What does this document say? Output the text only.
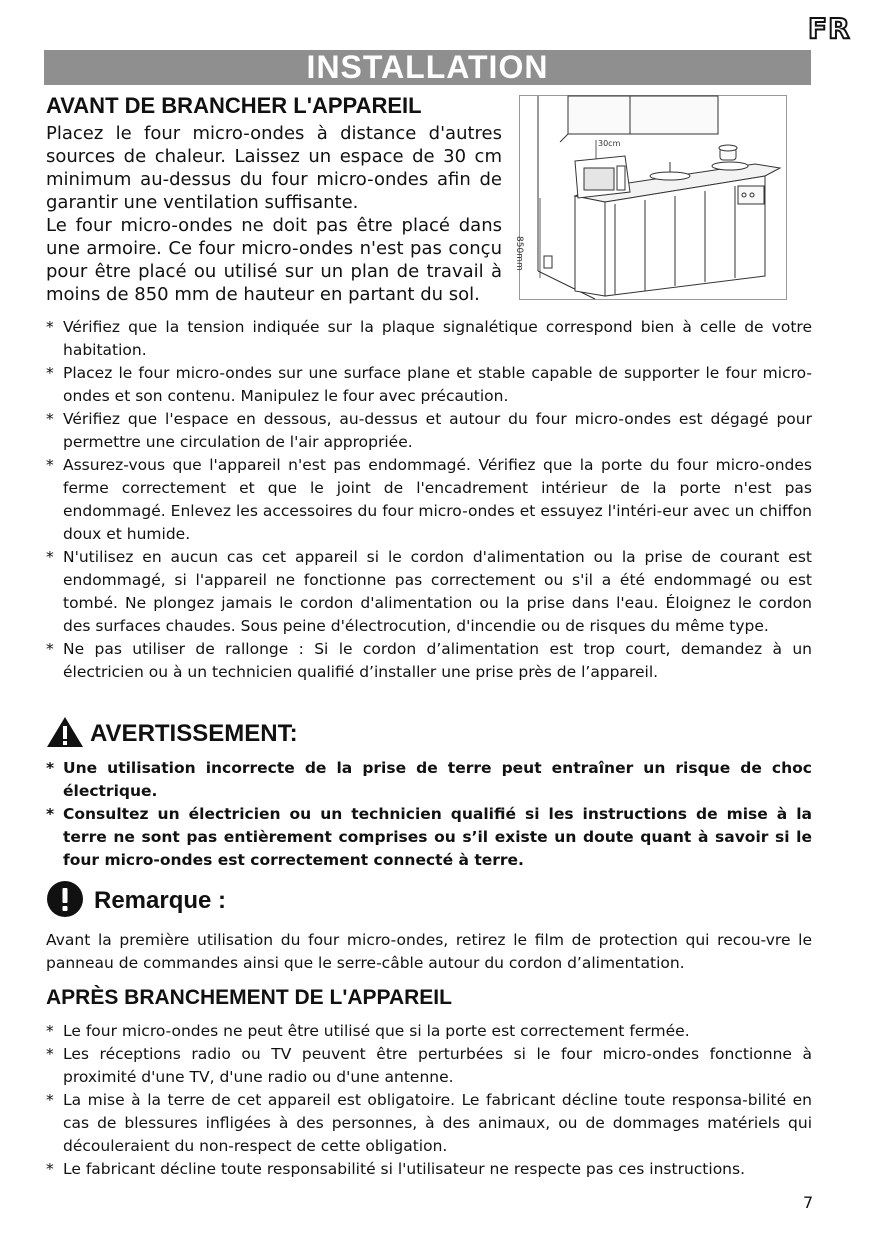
FR
INSTALLATION
AVANT DE BRANCHER L'APPAREIL

Placez le four micro-ondes à distance d'autres sources de chaleur. Laissez un espace de 30 cm minimum au-dessus du four micro-ondes afin de garantir une ventilation suffisante.

Le four micro-ondes ne doit pas être placé dans une armoire. Ce four micro-ondes n'est pas conçu pour être placé ou utilisé sur un plan de travail à moins de 850 mm de hauteur en partant du sol.

30cm
850mm
* Vérifiez que la tension indiquée sur la plaque signalétique correspond bien à celle de votre habitation.
* Placez le four micro-ondes sur une surface plane et stable capable de supporter le four micro-ondes et son contenu. Manipulez le four avec précaution.
* Vérifiez que l'espace en dessous, au-dessus et autour du four micro-ondes est dégagé pour permettre une circulation de l'air appropriée.
* Assurez-vous que l'appareil n'est pas endommagé. Vérifiez que la porte du four micro-ondes ferme correctement et que le joint de l'encadrement intérieur de la porte n'est pas endommagé. Enlevez les accessoires du four micro-ondes et essuyez l'intéri-eur avec un chiffon doux et humide.
* N'utilisez en aucun cas cet appareil si le cordon d'alimentation ou la prise de courant est endommagé, si l'appareil ne fonctionne pas correctement ou s'il a été endommagé ou est tombé. Ne plongez jamais le cordon d'alimentation ou la prise dans l'eau. Éloignez le cordon des surfaces chaudes. Sous peine d'électrocution, d'incendie ou de risques du même type.
* Ne pas utiliser de rallonge : Si le cordon d’alimentation est trop court, demandez à un électricien ou à un technicien qualifié d’installer une prise près de l’appareil.
AVERTISSEMENT:
* Une utilisation incorrecte de la prise de terre peut entraîner un risque de choc électrique.
* Consultez un électricien ou un technicien qualifié si les instructions de mise à la terre ne sont pas entièrement comprises ou s’il existe un doute quant à savoir si le four micro-ondes est correctement connecté à terre.
Remarque :

Avant la première utilisation du four micro-ondes, retirez le film de protection qui recou-vre le panneau de commandes ainsi que le serre-câble autour du cordon d’alimentation.

APRÈS BRANCHEMENT DE L'APPAREIL
* Le four micro-ondes ne peut être utilisé que si la porte est correctement fermée.
* Les réceptions radio ou TV peuvent être perturbées si le four micro-ondes fonctionne à proximité d'une TV, d'une radio ou d'une antenne.
* La mise à la terre de cet appareil est obligatoire. Le fabricant décline toute responsa-bilité en cas de blessures infligées à des personnes, à des animaux, ou de dommages matériels qui découleraient du non-respect de cette obligation.
* Le fabricant décline toute responsabilité si l'utilisateur ne respecte pas ces instructions.
7
